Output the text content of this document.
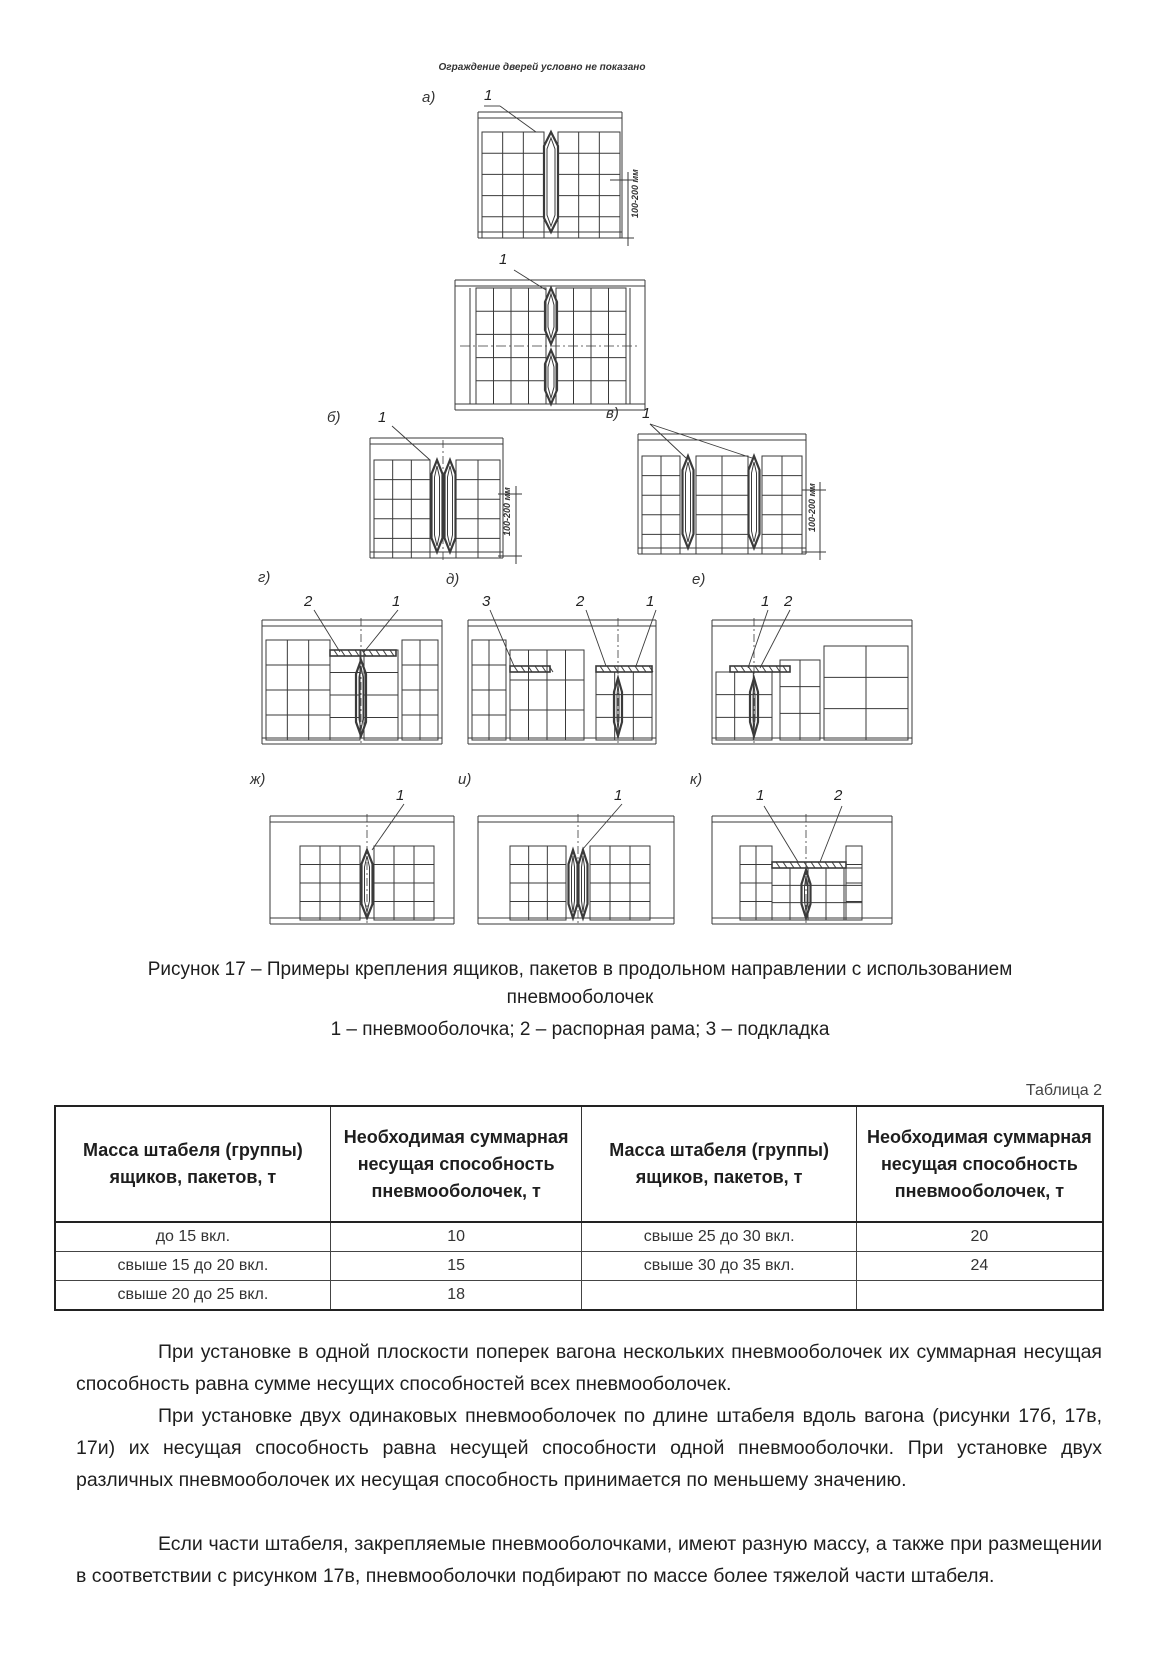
Ограждение дверей условно не показано
а)
б)	в)
г)	д)	е)
ж)	и)	к)
1
1
1	1
2	1	3	2	1	1 2
1	1	1	2
100-200 мм
100-200 мм	100-200 мм
Рисунок 17 – Примеры крепления ящиков, пакетов в продольном направлении с использованием
пневмооболочек
1 – пневмооболочка; 2 – распорная рама; 3 – подкладка
Таблица 2
Масса штабеля (группы) ящиков, пакетов, т	Необходимая суммарная несущая способность пневмооболочек, т	Масса штабеля (группы) ящиков, пакетов, т	Необходимая суммарная несущая способность пневмооболочек, т
до 15 вкл.	10	свыше 25 до 30 вкл.	20
свыше 15 до 20 вкл.	15	свыше 30 до 35 вкл.	24
свыше 20 до 25 вкл.	18		

При установке в одной плоскости поперек вагона нескольких пневмооболочек их суммарная несущая способность равна сумме несущих способностей всех пневмооболочек.

При установке двух одинаковых пневмооболочек по длине штабеля вдоль вагона (рисунки 17б, 17в, 17и) их несущая способность равна несущей способности одной пневмооболочки. При установке двух различных пневмооболочек их несущая способность принимается по меньшему значению.

Если части штабеля, закрепляемые пневмооболочками, имеют разную массу, а также при размещении в соответствии с рисунком 17в, пневмооболочки подбирают по массе более тяжелой части штабеля.
